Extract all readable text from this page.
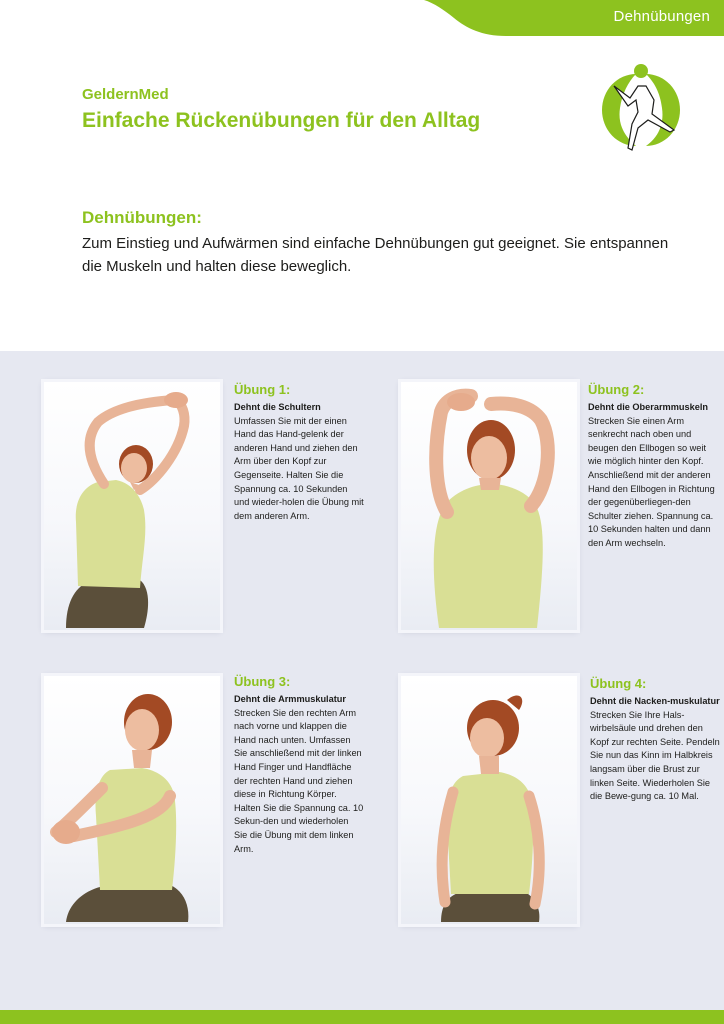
Dehnübungen
GeldernMed
Einfache Rückenübungen für den Alltag
Dehnübungen:
Zum Einstieg und Aufwärmen sind einfache Dehnübungen gut geeignet. Sie entspannen die Muskeln und halten diese beweglich.
Übung 1:
Dehnt die Schultern
Umfassen Sie mit der einen Hand das Hand-gelenk der anderen Hand und ziehen den Arm über den Kopf zur Gegenseite. Halten Sie die Spannung ca. 10 Sekunden und wieder-holen die Übung mit dem anderen Arm.
Übung 2:
Dehnt die Oberarmmuskeln
Strecken Sie einen Arm senkrecht nach oben und beugen den Ellbogen so weit wie möglich hinter den Kopf. Anschließend mit der anderen Hand den Ellbogen in Richtung der gegenüberliegen-den Schulter ziehen. Spannung ca. 10 Sekunden halten und dann den Arm wechseln.
Übung 3:
Dehnt die Armmuskulatur
Strecken Sie den rechten Arm nach vorne und klappen die Hand nach unten. Umfassen Sie anschließend mit der linken Hand Finger und Handfläche der rechten Hand und ziehen diese in Richtung Körper. Halten Sie die Spannung ca. 10 Sekun-den und wiederholen Sie die Übung mit dem linken Arm.
Übung 4:
Dehnt die Nacken-muskulatur
Strecken Sie Ihre Hals-wirbelsäule und drehen den Kopf zur rechten Seite. Pendeln Sie nun das Kinn im Halbkreis langsam über die Brust zur linken Seite. Wiederholen Sie die Bewe-gung ca. 10 Mal.
